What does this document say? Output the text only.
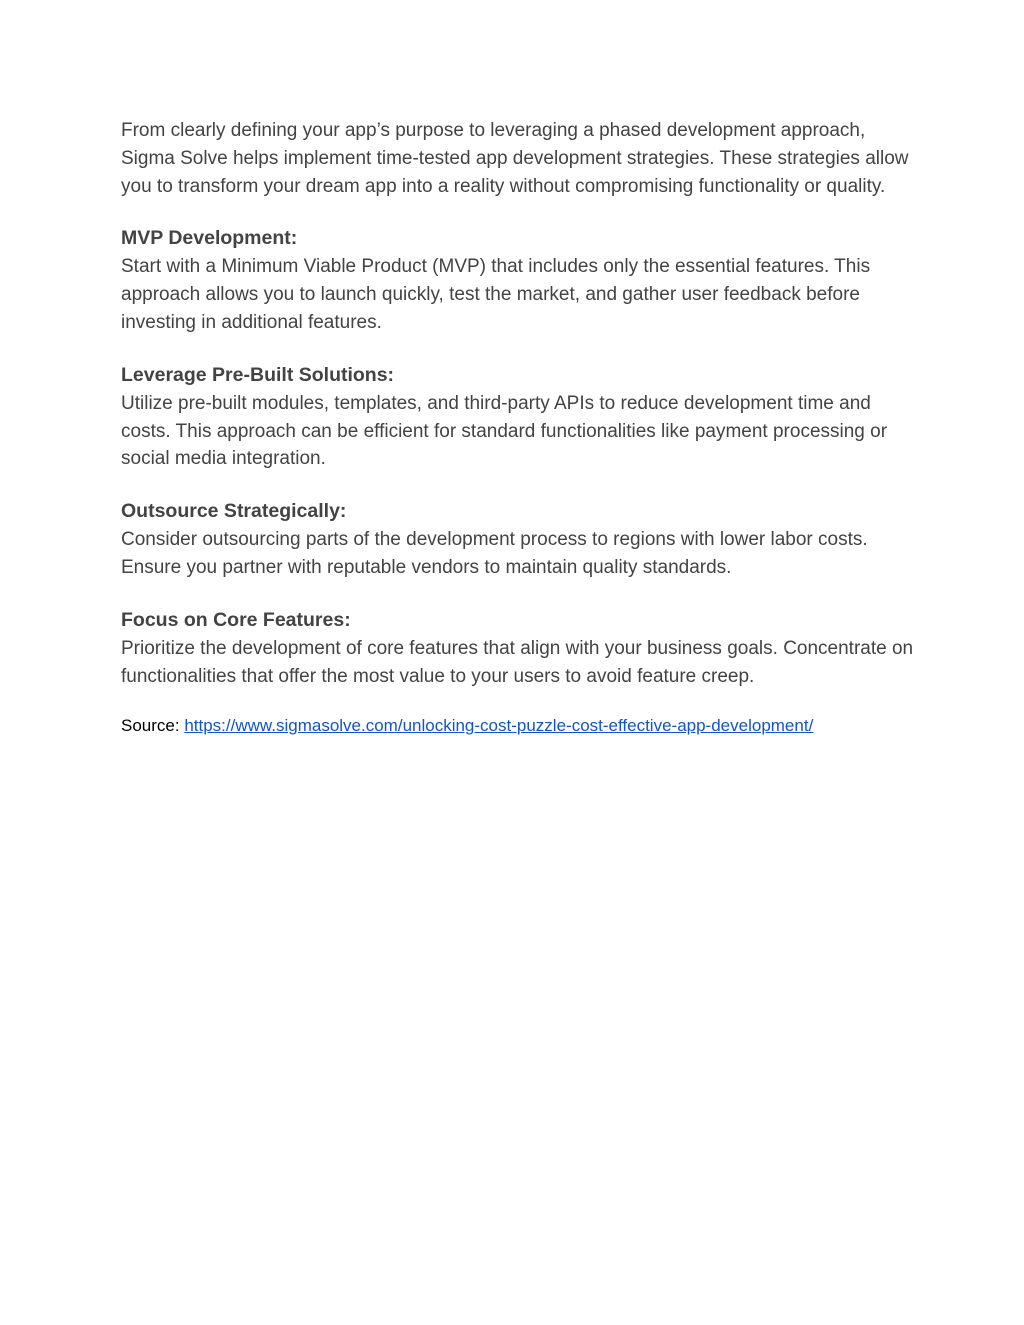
From clearly defining your app’s purpose to leveraging a phased development approach, Sigma Solve helps implement time-tested app development strategies. These strategies allow you to transform your dream app into a reality without compromising functionality or quality.

MVP Development:

Start with a Minimum Viable Product (MVP) that includes only the essential features. This approach allows you to launch quickly, test the market, and gather user feedback before investing in additional features.

Leverage Pre-Built Solutions:

Utilize pre-built modules, templates, and third-party APIs to reduce development time and costs. This approach can be efficient for standard functionalities like payment processing or social media integration.

Outsource Strategically:

Consider outsourcing parts of the development process to regions with lower labor costs. Ensure you partner with reputable vendors to maintain quality standards.

Focus on Core Features:

Prioritize the development of core features that align with your business goals. Concentrate on functionalities that offer the most value to your users to avoid feature creep.

Source: https://www.sigmasolve.com/unlocking-cost-puzzle-cost-effective-app-development/
